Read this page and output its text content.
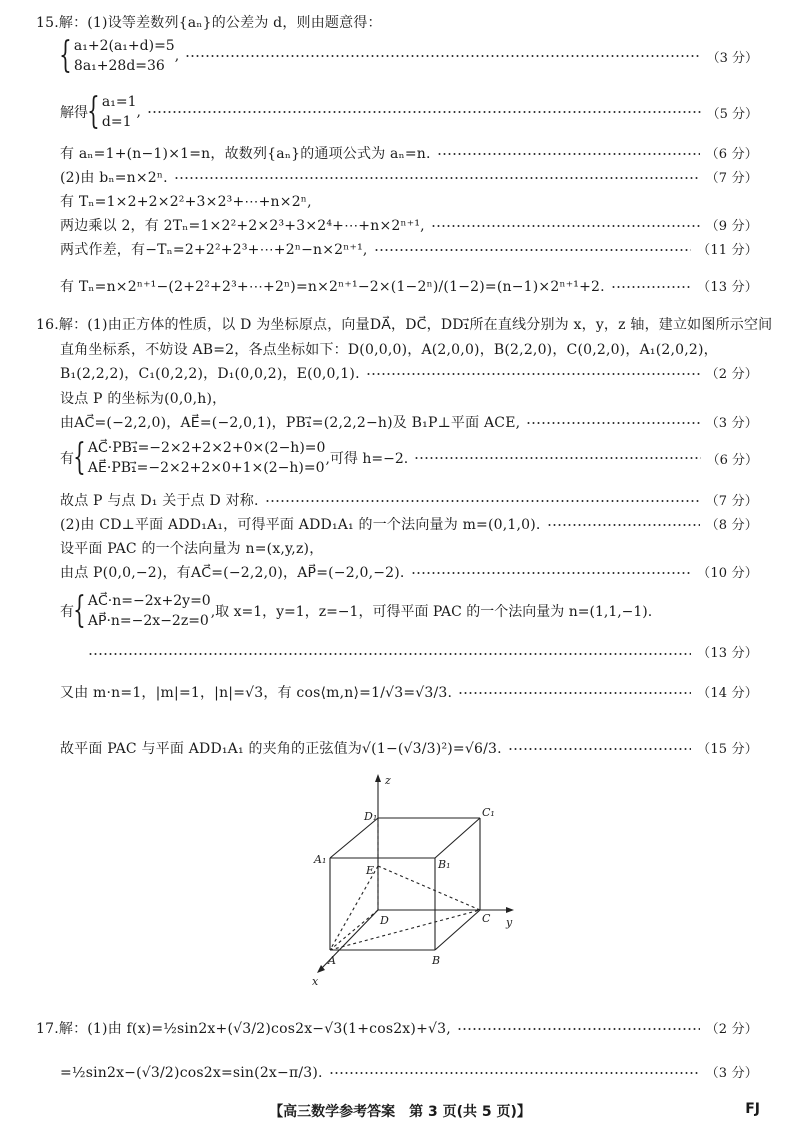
15.解：(1)设等差数列{aₙ}的公差为 d，则由题意得：
{ a₁+2(a₁+d)=5
8a₁+28d=36
,	（3 分）
解得 { a₁=1
d=1
,	（5 分）
有 aₙ=1+(n−1)×1=n，故数列{aₙ}的通项公式为 aₙ=n.	（6 分）
(2)由 bₙ=n×2ⁿ.	（7 分）
有 Tₙ=1×2+2×2²+3×2³+⋯+n×2ⁿ,
两边乘以 2，有 2Tₙ=1×2²+2×2³+3×2⁴+⋯+n×2ⁿ⁺¹,	（9 分）
两式作差，有−Tₙ=2+2²+2³+⋯+2ⁿ−n×2ⁿ⁺¹,	（11 分）
有 Tₙ=n×2ⁿ⁺¹−(2+2²+2³+⋯+2ⁿ)=n×2ⁿ⁺¹−2×(1−2ⁿ)/(1−2)=(n−1)×2ⁿ⁺¹+2.	（13 分）
16.解：(1)由正方体的性质，以 D 为坐标原点，向量DA⃗，DC⃗，DD₁⃗所在直线分别为 x，y，z 轴，建立如图所示空间
直角坐标系，不妨设 AB=2，各点坐标如下：D(0,0,0)，A(2,0,0)，B(2,2,0)，C(0,2,0)，A₁(2,0,2)，
B₁(2,2,2)，C₁(0,2,2)，D₁(0,0,2)，E(0,0,1).	（2 分）
设点 P 的坐标为(0,0,h)，
由AC⃗=(−2,2,0)，AE⃗=(−2,0,1)，PB₁⃗=(2,2,2−h)及 B₁P⊥平面 ACE,	（3 分）
有 { AC⃗·PB₁⃗=−2×2+2×2+0×(2−h)=0
AE⃗·PB₁⃗=−2×2+2×0+1×(2−h)=0
,可得 h=−2.	（6 分）
故点 P 与点 D₁ 关于点 D 对称.	（7 分）
(2)由 CD⊥平面 ADD₁A₁，可得平面 ADD₁A₁ 的一个法向量为 m=(0,1,0).	（8 分）
设平面 PAC 的一个法向量为 n=(x,y,z)，
由点 P(0,0,−2)，有AC⃗=(−2,2,0)，AP⃗=(−2,0,−2).	（10 分）
有 { AC⃗·n=−2x+2y=0
AP⃗·n=−2x−2z=0
,取 x=1，y=1，z=−1，可得平面 PAC 的一个法向量为 n=(1,1,−1).
（13 分）
又由 m·n=1，|m|=1，|n|=√3，有 cos⟨m,n⟩=1/√3=√3/3.	（14 分）
故平面 PAC 与平面 ADD₁A₁ 的夹角的正弦值为√(1−(√3/3)²)=√6/3.	（15 分）
z
D₁	C₁
A₁	B₁
E
D	C y
A	B
x
17.解：(1)由 f(x)=½sin2x+(√3/2)cos2x−√3(1+cos2x)+√3,	（2 分）
=½sin2x−(√3/2)cos2x=sin(2x−π/3).	（3 分）
【高三数学参考答案　第 3 页(共 5 页)】	FJ
